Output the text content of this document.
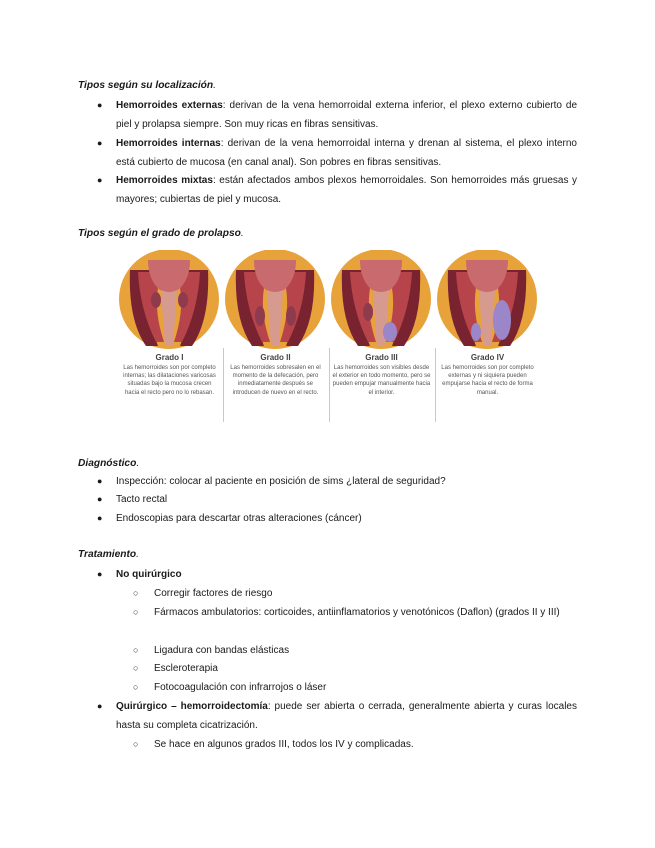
Tipos según su localización.
● Hemorroides externas: derivan de la vena hemorroidal externa inferior, el plexo externo cubierto de piel y prolapsa siempre. Son muy ricas en fibras sensitivas.
● Hemorroides internas: derivan de la vena hemorroidal interna y drenan al sistema, el plexo interno está cubierto de mucosa (en canal anal). Son pobres en fibras sensitivas.
● Hemorroides mixtas: están afectados ambos plexos hemorroidales. Son hemorroides más gruesas y mayores; cubiertas de piel y mucosa.
Tipos según el grado de prolapso.
Grado I
Las hemorroides son por completo internas; las dilataciones varicosas situadas bajo la mucosa crecen hacia el recto pero no lo rebasan.
Grado II
Las hemorroides sobresalen en el momento de la defecación, pero inmediatamente después se introducen de nuevo en el recto.
Grado III
Las hemorroides son visibles desde el exterior en todo momento, pero se pueden empujar manualmente hacia el interior.
Grado IV
Las hemorroides son por completo externas y ni siquiera pueden empujarse hacia el recto de forma manual.
Diagnóstico.
● Inspección: colocar al paciente en posición de sims ¿lateral de seguridad?
● Tacto rectal
● Endoscopias para descartar otras alteraciones (cáncer)
Tratamiento.
● No quirúrgico
○ Corregir factores de riesgo
○ Fármacos ambulatorios: corticoides, antiinflamatorios y venotónicos (Daflon) (grados II y III)
○ Ligadura con bandas elásticas
○ Escleroterapia
○ Fotocoagulación con infrarrojos o láser
● Quirúrgico – hemorroidectomía: puede ser abierta o cerrada, generalmente abierta y curas locales hasta su completa cicatrización.
○ Se hace en algunos grados III, todos los IV y complicadas.
